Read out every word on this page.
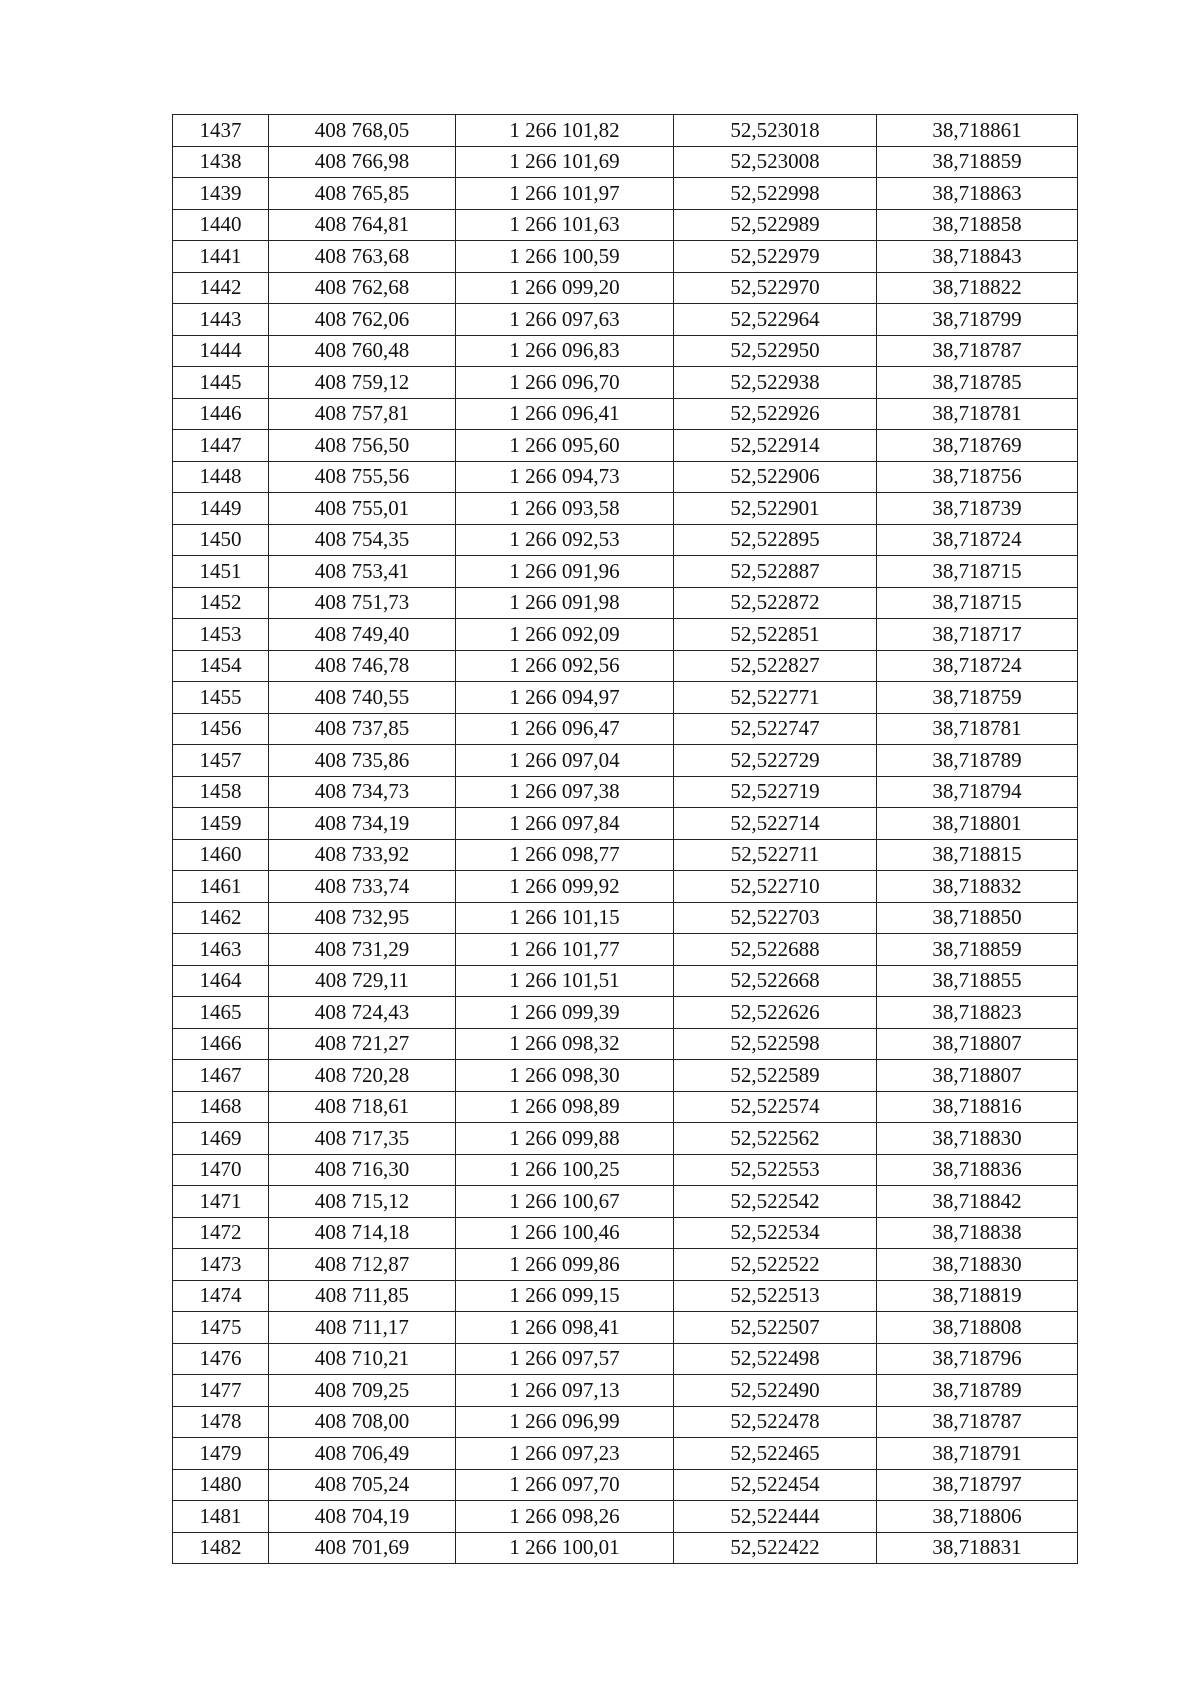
1437	408 768,05	1 266 101,82	52,523018	38,718861
1438	408 766,98	1 266 101,69	52,523008	38,718859
1439	408 765,85	1 266 101,97	52,522998	38,718863
1440	408 764,81	1 266 101,63	52,522989	38,718858
1441	408 763,68	1 266 100,59	52,522979	38,718843
1442	408 762,68	1 266 099,20	52,522970	38,718822
1443	408 762,06	1 266 097,63	52,522964	38,718799
1444	408 760,48	1 266 096,83	52,522950	38,718787
1445	408 759,12	1 266 096,70	52,522938	38,718785
1446	408 757,81	1 266 096,41	52,522926	38,718781
1447	408 756,50	1 266 095,60	52,522914	38,718769
1448	408 755,56	1 266 094,73	52,522906	38,718756
1449	408 755,01	1 266 093,58	52,522901	38,718739
1450	408 754,35	1 266 092,53	52,522895	38,718724
1451	408 753,41	1 266 091,96	52,522887	38,718715
1452	408 751,73	1 266 091,98	52,522872	38,718715
1453	408 749,40	1 266 092,09	52,522851	38,718717
1454	408 746,78	1 266 092,56	52,522827	38,718724
1455	408 740,55	1 266 094,97	52,522771	38,718759
1456	408 737,85	1 266 096,47	52,522747	38,718781
1457	408 735,86	1 266 097,04	52,522729	38,718789
1458	408 734,73	1 266 097,38	52,522719	38,718794
1459	408 734,19	1 266 097,84	52,522714	38,718801
1460	408 733,92	1 266 098,77	52,522711	38,718815
1461	408 733,74	1 266 099,92	52,522710	38,718832
1462	408 732,95	1 266 101,15	52,522703	38,718850
1463	408 731,29	1 266 101,77	52,522688	38,718859
1464	408 729,11	1 266 101,51	52,522668	38,718855
1465	408 724,43	1 266 099,39	52,522626	38,718823
1466	408 721,27	1 266 098,32	52,522598	38,718807
1467	408 720,28	1 266 098,30	52,522589	38,718807
1468	408 718,61	1 266 098,89	52,522574	38,718816
1469	408 717,35	1 266 099,88	52,522562	38,718830
1470	408 716,30	1 266 100,25	52,522553	38,718836
1471	408 715,12	1 266 100,67	52,522542	38,718842
1472	408 714,18	1 266 100,46	52,522534	38,718838
1473	408 712,87	1 266 099,86	52,522522	38,718830
1474	408 711,85	1 266 099,15	52,522513	38,718819
1475	408 711,17	1 266 098,41	52,522507	38,718808
1476	408 710,21	1 266 097,57	52,522498	38,718796
1477	408 709,25	1 266 097,13	52,522490	38,718789
1478	408 708,00	1 266 096,99	52,522478	38,718787
1479	408 706,49	1 266 097,23	52,522465	38,718791
1480	408 705,24	1 266 097,70	52,522454	38,718797
1481	408 704,19	1 266 098,26	52,522444	38,718806
1482	408 701,69	1 266 100,01	52,522422	38,718831
